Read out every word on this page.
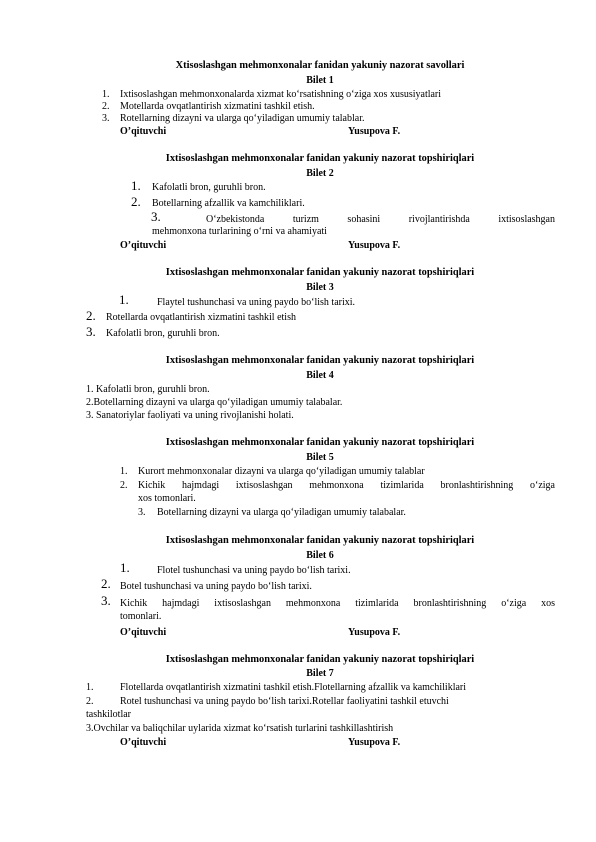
Xtisoslashgan mehmonxonalar fanidan yakuniy nazorat savollari
Bilet 1
1. Ixtisoslashgan mehmonxonalarda xizmat ko‘rsatishning o‘ziga xos xususiyatlari
2. Motellarda ovqatlantirish xizmatini tashkil etish.
3. Rotellarning dizayni va ularga qo‘yiladigan umumiy talablar.
O’qituvchi	Yusupova F.
Ixtisoslashgan mehmonxonalar fanidan yakuniy nazorat topshiriqlari
Bilet 2
1. Kafolatli bron, guruhli bron.
2. Botellarning afzallik va kamchiliklari.
3.	O‘zbekistonda turizm sohasini rivojlantirishda ixtisoslashgan
mehmonxona turlarining o‘rni va ahamiyati
O’qituvchi	Yusupova F.
Ixtisoslashgan mehmonxonalar fanidan yakuniy nazorat topshiriqlari
Bilet 3
1.	Flaytel tushunchasi va uning paydo bo‘lish tarixi.
2. Rotellarda ovqatlantirish xizmatini tashkil etish
3. Kafolatli bron, guruhli bron.
Ixtisoslashgan mehmonxonalar fanidan yakuniy nazorat topshiriqlari
Bilet 4
1. Kafolatli bron, guruhli bron.
2.Botellarning dizayni va ularga qo‘yiladigan umumiy talabalar.
3. Sanatoriylar faoliyati va uning rivojlanishi holati.
Ixtisoslashgan mehmonxonalar fanidan yakuniy nazorat topshiriqlari
Bilet 5
1. Kurort mehmonxonalar dizayni va ularga qo‘yiladigan umumiy talablar
2. Kichik hajmdagi ixtisoslashgan mehmonxona tizimlarida bronlashtirishning o‘ziga
xos tomonlari.
3. Botellarning dizayni va ularga qo‘yiladigan umumiy talabalar.
Ixtisoslashgan mehmonxonalar fanidan yakuniy nazorat topshiriqlari
Bilet 6
1.	Flotel tushunchasi va uning paydo bo‘lish tarixi.
2. Botel tushunchasi va uning paydo bo‘lish tarixi.
3. Kichik hajmdagi ixtisoslashgan mehmonxona tizimlarida bronlashtirishning o‘ziga xos
tomonlari.
O’qituvchi	Yusupova F.
Ixtisoslashgan mehmonxonalar fanidan yakuniy nazorat topshiriqlari
Bilet 7
1.	Flotellarda ovqatlantirish xizmatini tashkil etish.Flotellarning afzallik va kamchiliklari
2.	Rotel tushunchasi va uning paydo bo‘lish tarixi.Rotellar faoliyatini tashkil etuvchi
tashkilotlar
3.Ovchilar va baliqchilar uylarida xizmat ko‘rsatish turlarini tashkillashtirish
O’qituvchi	Yusupova F.
